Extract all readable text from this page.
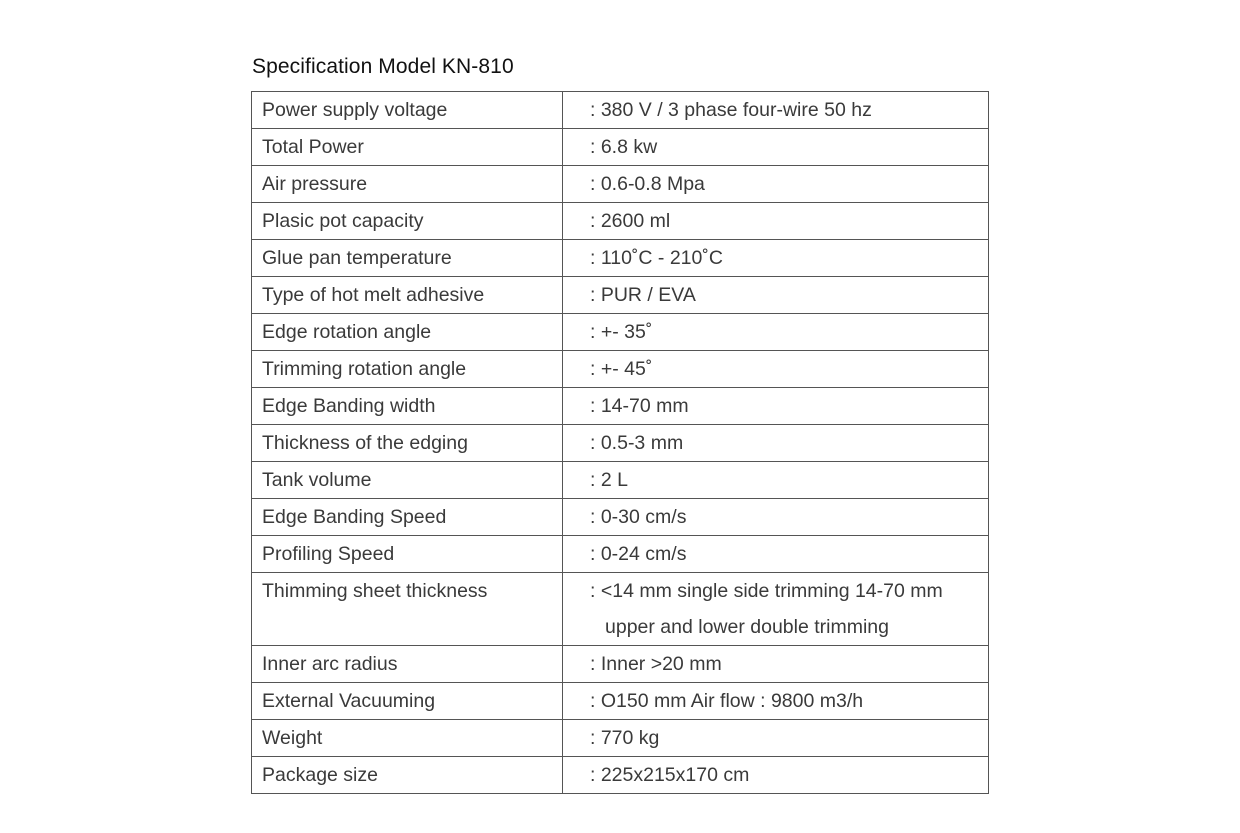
Specification Model KN-810
Power supply voltage	: 380 V / 3 phase four-wire 50 hz

Total Power	: 6.8 kw

Air pressure	: 0.6-0.8 Mpa

Plasic pot capacity	: 2600 ml

Glue pan temperature	: 110˚C - 210˚C

Type of hot melt adhesive	: PUR / EVA

Edge rotation angle	: +- 35˚

Trimming rotation angle	: +- 45˚

Edge Banding width	: 14-70 mm

Thickness of the edging	: 0.5-3 mm

Tank volume	: 2 L

Edge Banding Speed	: 0-30 cm/s

Profiling Speed	: 0-24 cm/s

Thimming sheet thickness	: <14 mm single side trimming 14-70 mm
upper and lower double trimming

Inner arc radius	: Inner >20 mm

External Vacuuming	: O150 mm Air flow : 9800 m3/h

Weight	: 770 kg

Package size	: 225x215x170 cm
